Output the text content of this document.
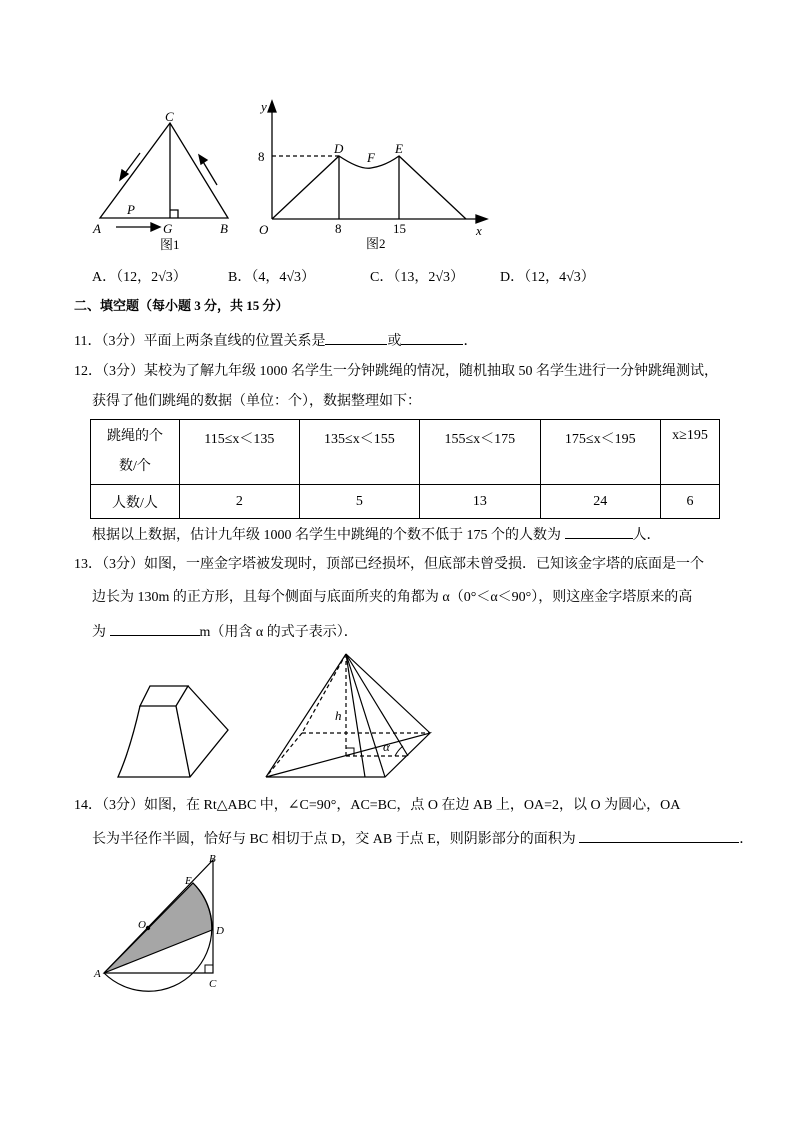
C
A
P
G	B
图1
y
x
O
8
8	15
D
F
E
图2
h
α
B
E
O	D
A
C
A．（12，2√3）	B．（4，4√3）	C．（13，2√3）	D．（12，4√3）
二、填空题（每小题 3 分，共 15 分）
11．（3分）平面上两条直线的位置关系是	或	．
12．（3分）某校为了解九年级 1000 名学生一分钟跳绳的情况，随机抽取 50 名学生进行一分钟跳绳测试，
获得了他们跳绳的数据（单位：个），数据整理如下：
跳绳的个
数/个	115≤x＜135	135≤x＜155	155≤x＜175	175≤x＜195	x≥195
人数/人	2	5	13	24	6
根据以上数据，估计九年级 1000 名学生中跳绳的个数不低于 175 个的人数为	人．
13．（3分）如图，一座金字塔被发现时，顶部已经损坏，但底部未曾受损．已知该金字塔的底面是一个
边长为 130m 的正方形，且每个侧面与底面所夹的角都为 α（0°＜α＜90°），则这座金字塔原来的高
为	m（用含 α 的式子表示）．
14．（3分）如图，在 Rt△ABC 中，∠C=90°，AC=BC，点 O 在边 AB 上，OA=2，以 O 为圆心，OA
长为半径作半圆，恰好与 BC 相切于点 D，交 AB 于点 E，则阴影部分的面积为	．
